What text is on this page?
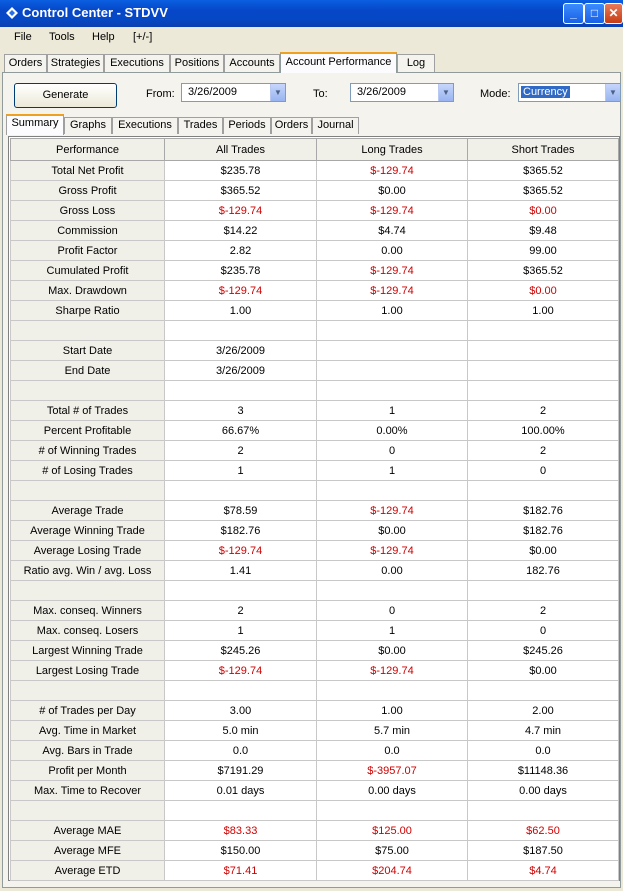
Control Center - STDVV	_	□ ✕
File Tools Help [+/-]
Orders Strategies Executions Positions Accounts Account Performance	Log
Generate	From:	3/26/2009	▼	To:	3/26/2009	▼	Mode:	Currency	▼
Summary	Graphs	Executions	Trades Periods Orders Journal
Performance	All Trades	Long Trades	Short Trades
Total Net Profit	$235.78	$-129.74	$365.52
Gross Profit	$365.52	$0.00	$365.52
Gross Loss	$-129.74	$-129.74	$0.00
Commission	$14.22	$4.74	$9.48
Profit Factor	2.82	0.00	99.00
Cumulated Profit	$235.78	$-129.74	$365.52
Max. Drawdown	$-129.74	$-129.74	$0.00
Sharpe Ratio	1.00	1.00	1.00

Start Date	3/26/2009		
End Date	3/26/2009		

Total # of Trades	3	1	2
Percent Profitable	66.67%	0.00%	100.00%
# of Winning Trades	2	0	2
# of Losing Trades	1	1	0

Average Trade	$78.59	$-129.74	$182.76
Average Winning Trade	$182.76	$0.00	$182.76
Average Losing Trade	$-129.74	$-129.74	$0.00
Ratio avg. Win / avg. Loss	1.41	0.00	182.76

Max. conseq. Winners	2	0	2
Max. conseq. Losers	1	1	0
Largest Winning Trade	$245.26	$0.00	$245.26
Largest Losing Trade	$-129.74	$-129.74	$0.00

# of Trades per Day	3.00	1.00	2.00
Avg. Time in Market	5.0 min	5.7 min	4.7 min
Avg. Bars in Trade	0.0	0.0	0.0
Profit per Month	$7191.29	$-3957.07	$11148.36
Max. Time to Recover	0.01 days	0.00 days	0.00 days

Average MAE	$83.33	$125.00	$62.50
Average MFE	$150.00	$75.00	$187.50
Average ETD	$71.41	$204.74	$4.74
